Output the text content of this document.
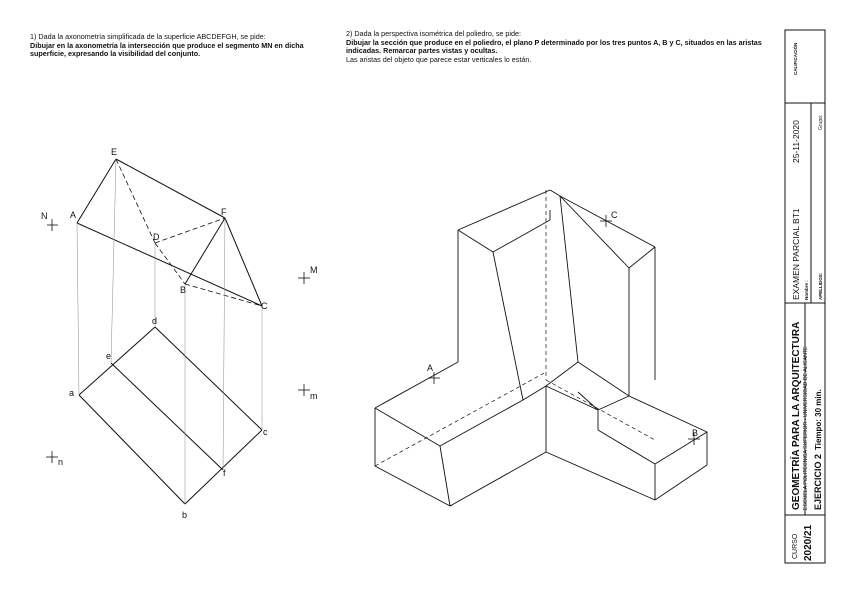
1) Dada la axonometría simplificada de la superficie ABCDEFGH, se pide:
Dibujar en la axonometría la intersección que produce el segmento MN en dicha superficie, expresando la visibilidad del conjunto.
2) Dada la perspectiva isométrica del poliedro, se pide:
Dibujar la sección que produce en el poliedro, el plano P determinado por los tres puntos A, B y C, situados en las aristas indicadas. Remarcar partes vistas y ocultas.
Las aristas del objeto que parece estar verticales lo están.
E
A
N
D
F
B
C
M
d
e
a	m
c
f
b
n
A
B
C
CURSO 2020/21
GEOMETRÍA PARA LA ARQUITECTURA ESCUELA POLITÉCNICA SUPERIOR - UNIVERSIDAD DE ALICANTE EJERCICIO 2
Tiempo: 30 min.
EXAMEN PARCIAL BT1
25-11-2020
Nombre : APELLIDOS:
Grupo:
CALIFICACIÓN
